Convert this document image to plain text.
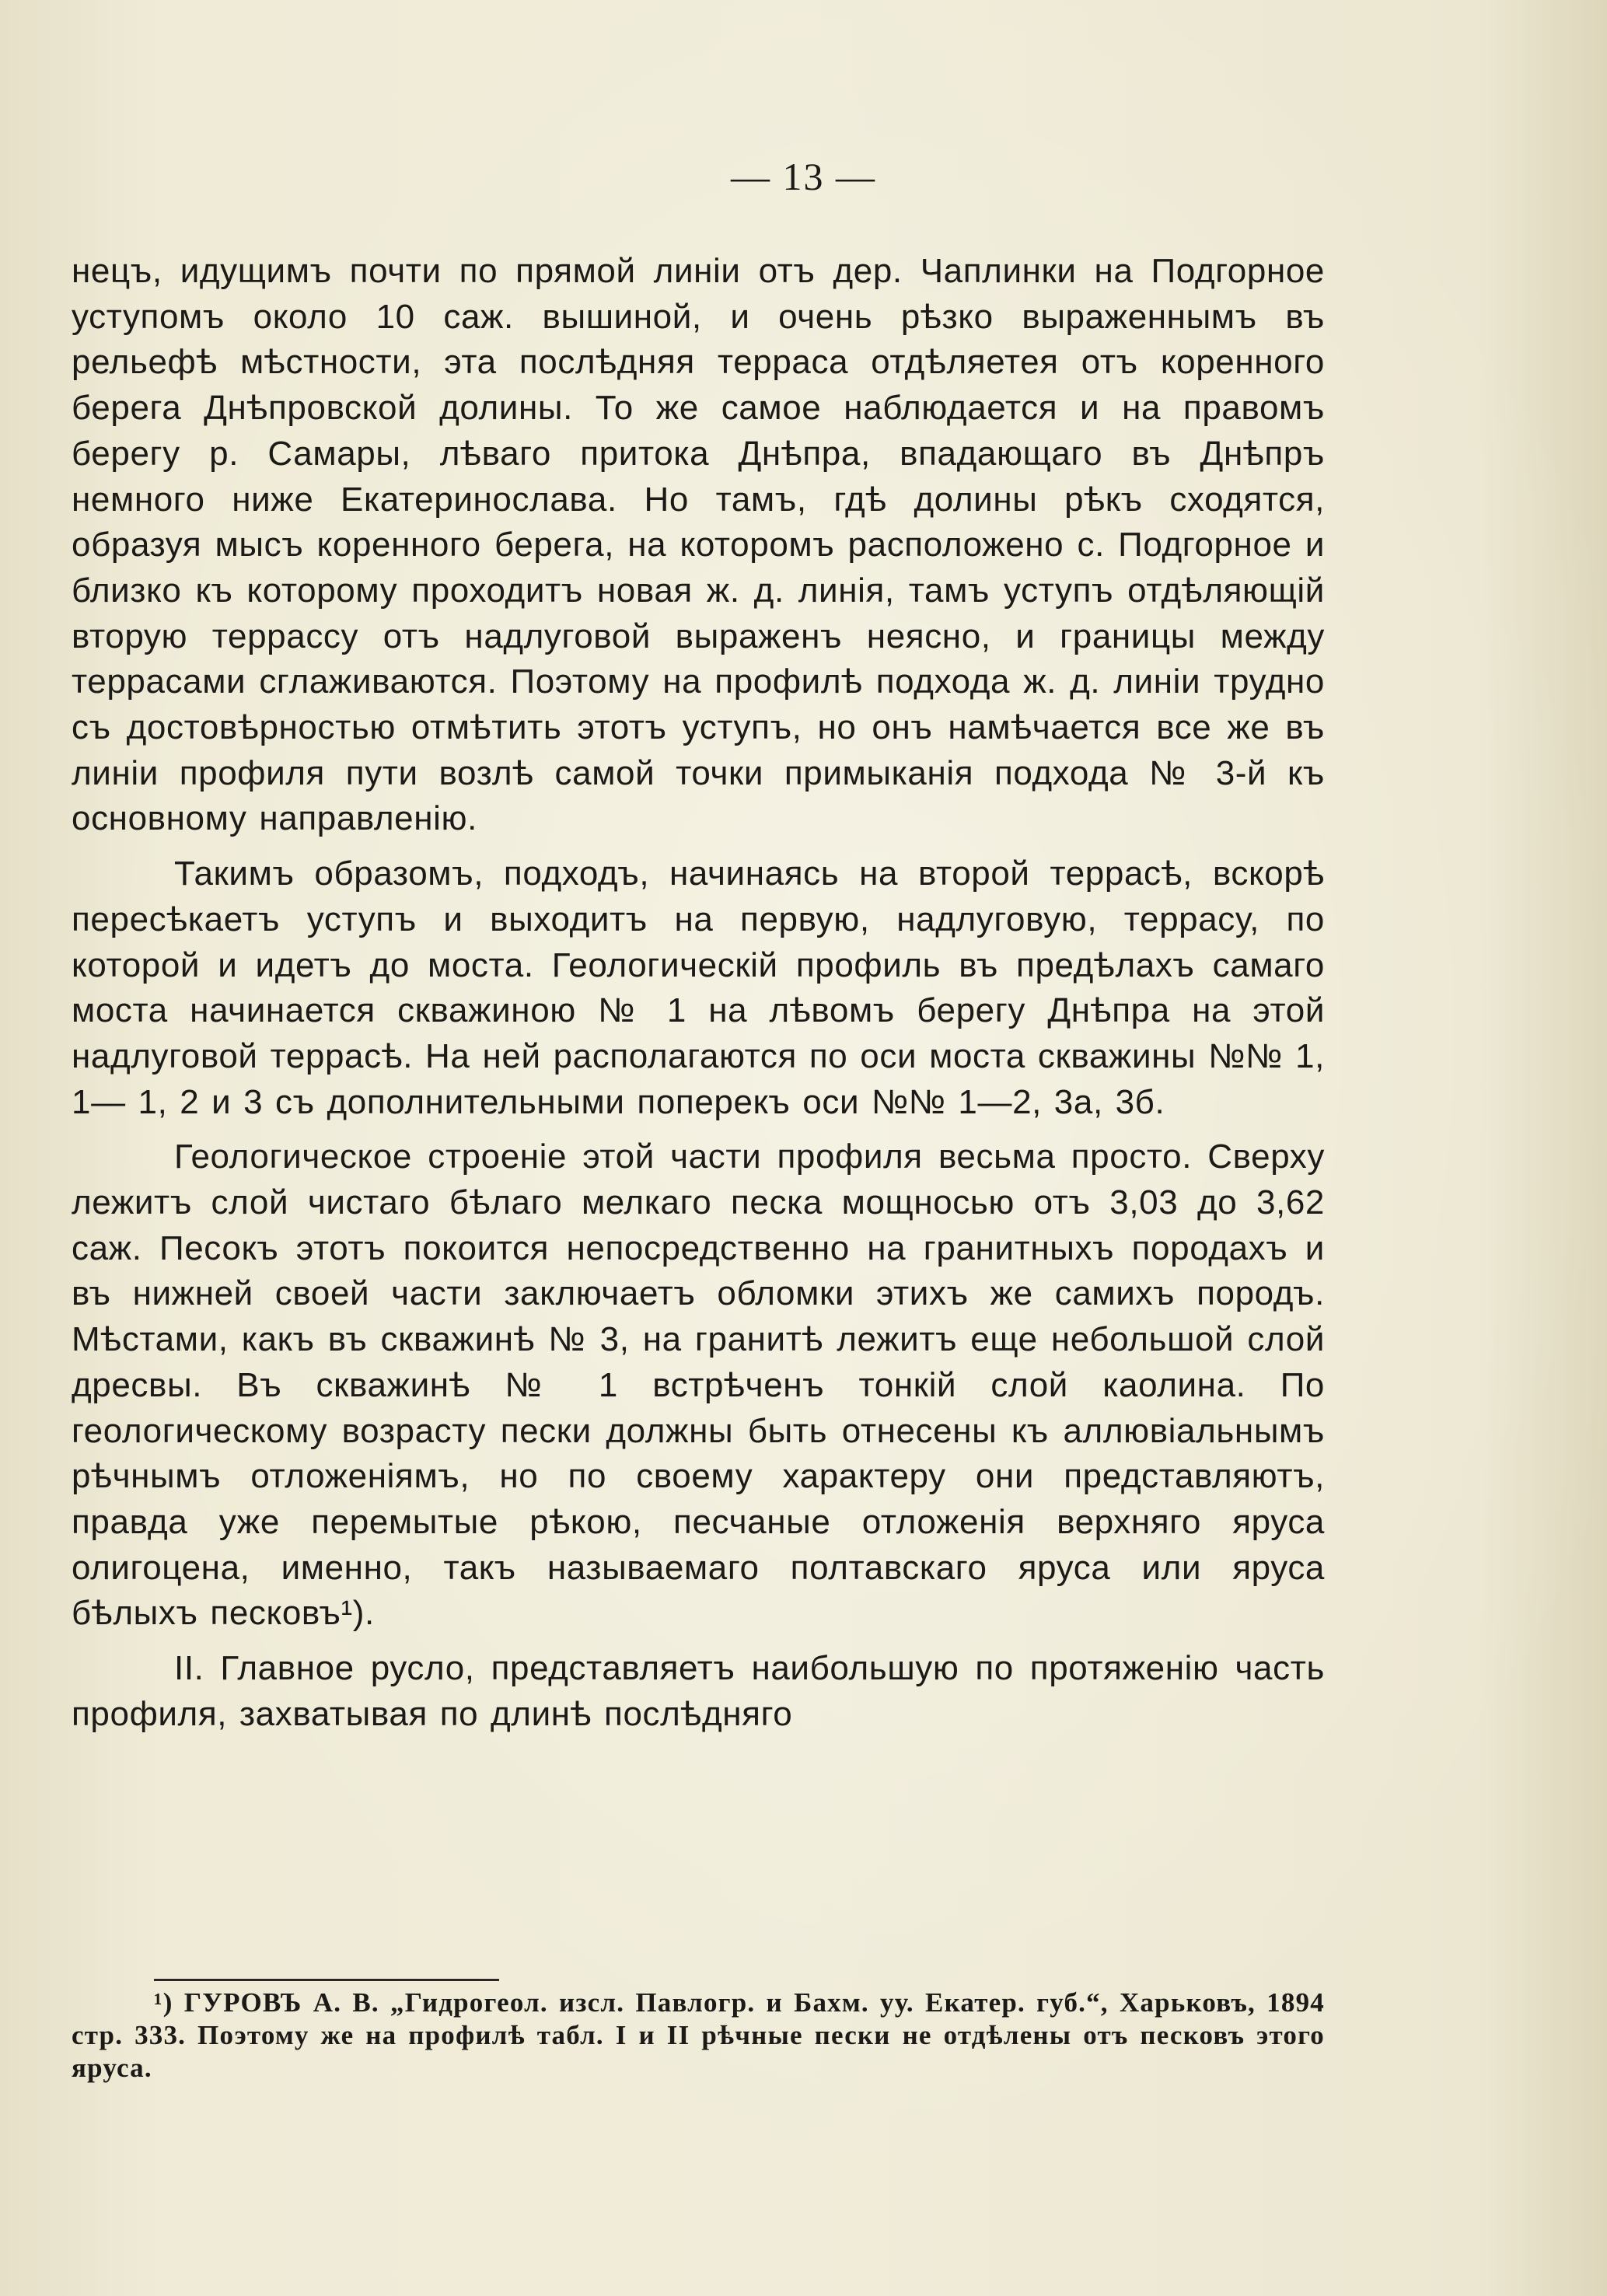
— 13 —

нецъ, идущимъ почти по прямой линіи отъ дер. Чаплинки на Подгорное уступомъ около 10 саж. вышиной, и очень рѣзко выраженнымъ въ рельефѣ мѣстности, эта послѣдняя терраса отдѣляетея отъ коренного берега Днѣпровской долины. То же самое наблюдается и на правомъ берегу р. Самары, лѣваго притока Днѣпра, впадающаго въ Днѣпръ немного ниже Екатеринослава. Но тамъ, гдѣ долины рѣкъ сходятся, образуя мысъ коренного берега, на которомъ расположено с. Подгорное и близко къ которому проходитъ новая ж. д. линія, тамъ уступъ отдѣляющій вторую террассу отъ надлуговой выраженъ неясно, и границы между террасами сглаживаются. Поэтому на профилѣ подхода ж. д. линіи трудно съ достовѣрностью отмѣтить этотъ уступъ, но онъ намѣчается все же въ линіи профиля пути возлѣ самой точки примыканія подхода № 3-й къ основному направленію.

Такимъ образомъ, подходъ, начинаясь на второй террасѣ, вскорѣ пересѣкаетъ уступъ и выходитъ на первую, надлуговую, террасу, по которой и идетъ до моста. Геологическій профиль въ предѣлахъ самаго моста начинается скважиною № 1 на лѣвомъ берегу Днѣпра на этой надлуговой террасѣ. На ней располагаются по оси моста скважины №№ 1, 1— 1, 2 и 3 съ дополнительными поперекъ оси №№ 1—2, 3а, 3б.

Геологическое строеніе этой части профиля весьма просто. Сверху лежитъ слой чистаго бѣлаго мелкаго песка мощносью отъ 3,03 до 3,62 саж. Песокъ этотъ покоится непосредственно на гранитныхъ породахъ и въ нижней своей части заключаетъ обломки этихъ же самихъ породъ. Мѣстами, какъ въ скважинѣ № 3, на гранитѣ лежитъ еще небольшой слой дресвы. Въ скважинѣ № 1 встрѣченъ тонкій слой каолина. По геологическому возрасту пески должны быть отнесены къ аллювіальнымъ рѣчнымъ отложеніямъ, но по своему характеру они представляютъ, правда уже перемытые рѣкою, песчаные отложенія верхняго яруса олигоцена, именно, такъ называемаго полтавскаго яруса или яруса бѣлыхъ песковъ¹).

II. Главное русло, представляетъ наибольшую по протяженію часть профиля, захватывая по длинѣ послѣдняго

¹) ГУРОВЪ А. В. „Гидрогеол. изсл. Павлогр. и Бахм. уу. Екатер. губ.“, Харьковъ, 1894 стр. 333. Поэтому же на профилѣ табл. I и II рѣчные пески не отдѣлены отъ песковъ этого яруса.
